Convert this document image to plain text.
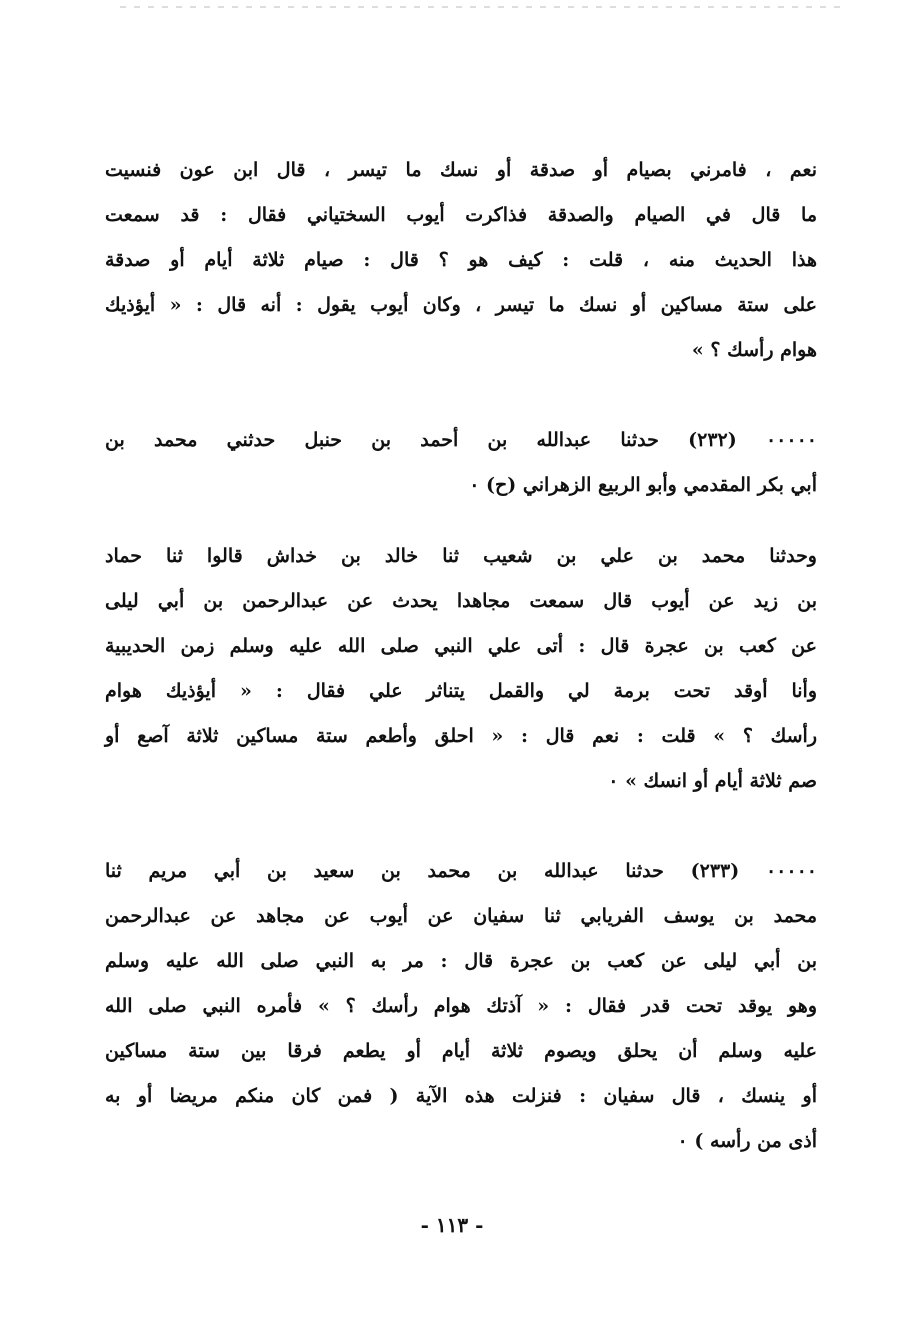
نعم ، فامرني بصيام أو صدقة أو نسك ما تيسر ، قال ابن عون فنسيت
ما قال في الصيام والصدقة فذاكرت أيوب السختياني فقال : قد سمعت
هذا الحديث منه ، قلت : كيف هو ؟ قال : صيام ثلاثة أيام أو صدقة
على ستة مساكين أو نسك ما تيسر ، وكان أيوب يقول : أنه قال : « أيؤذيك
هوام رأسك ؟ »
٠٠٠٠٠ (٢٣٢) حدثنا عبدالله بن أحمد بن حنبل حدثني محمد بن
أبي بكر المقدمي وأبو الربيع الزهراني (ح) ٠
وحدثنا محمد بن علي بن شعيب ثنا خالد بن خداش قالوا ثنا حماد
بن زيد عن أيوب قال سمعت مجاهدا يحدث عن عبدالرحمن بن أبي ليلى
عن كعب بن عجرة قال : أتى علي النبي صلى الله عليه وسلم زمن الحديبية
وأنا أوقد تحت برمة لي والقمل يتناثر علي فقال : « أيؤذيك هوام
رأسك ؟ » قلت : نعم قال : « احلق وأطعم ستة مساكين ثلاثة آصع أو
صم ثلاثة أيام أو انسك » ٠
٠٠٠٠٠ (٢٣٣) حدثنا عبدالله بن محمد بن سعيد بن أبي مريم ثنا
محمد بن يوسف الفريابي ثنا سفيان عن أيوب عن مجاهد عن عبدالرحمن
بن أبي ليلى عن كعب بن عجرة قال : مر به النبي صلى الله عليه وسلم
وهو يوقد تحت قدر فقال : « آذتك هوام رأسك ؟ » فأمره النبي صلى الله
عليه وسلم أن يحلق ويصوم ثلاثة أيام أو يطعم فرقا بين ستة مساكين
أو ينسك ، قال سفيان : فنزلت هذه الآية ( فمن كان منكم مريضا أو به
أذى من رأسه ) ٠
- ١١٣ -
